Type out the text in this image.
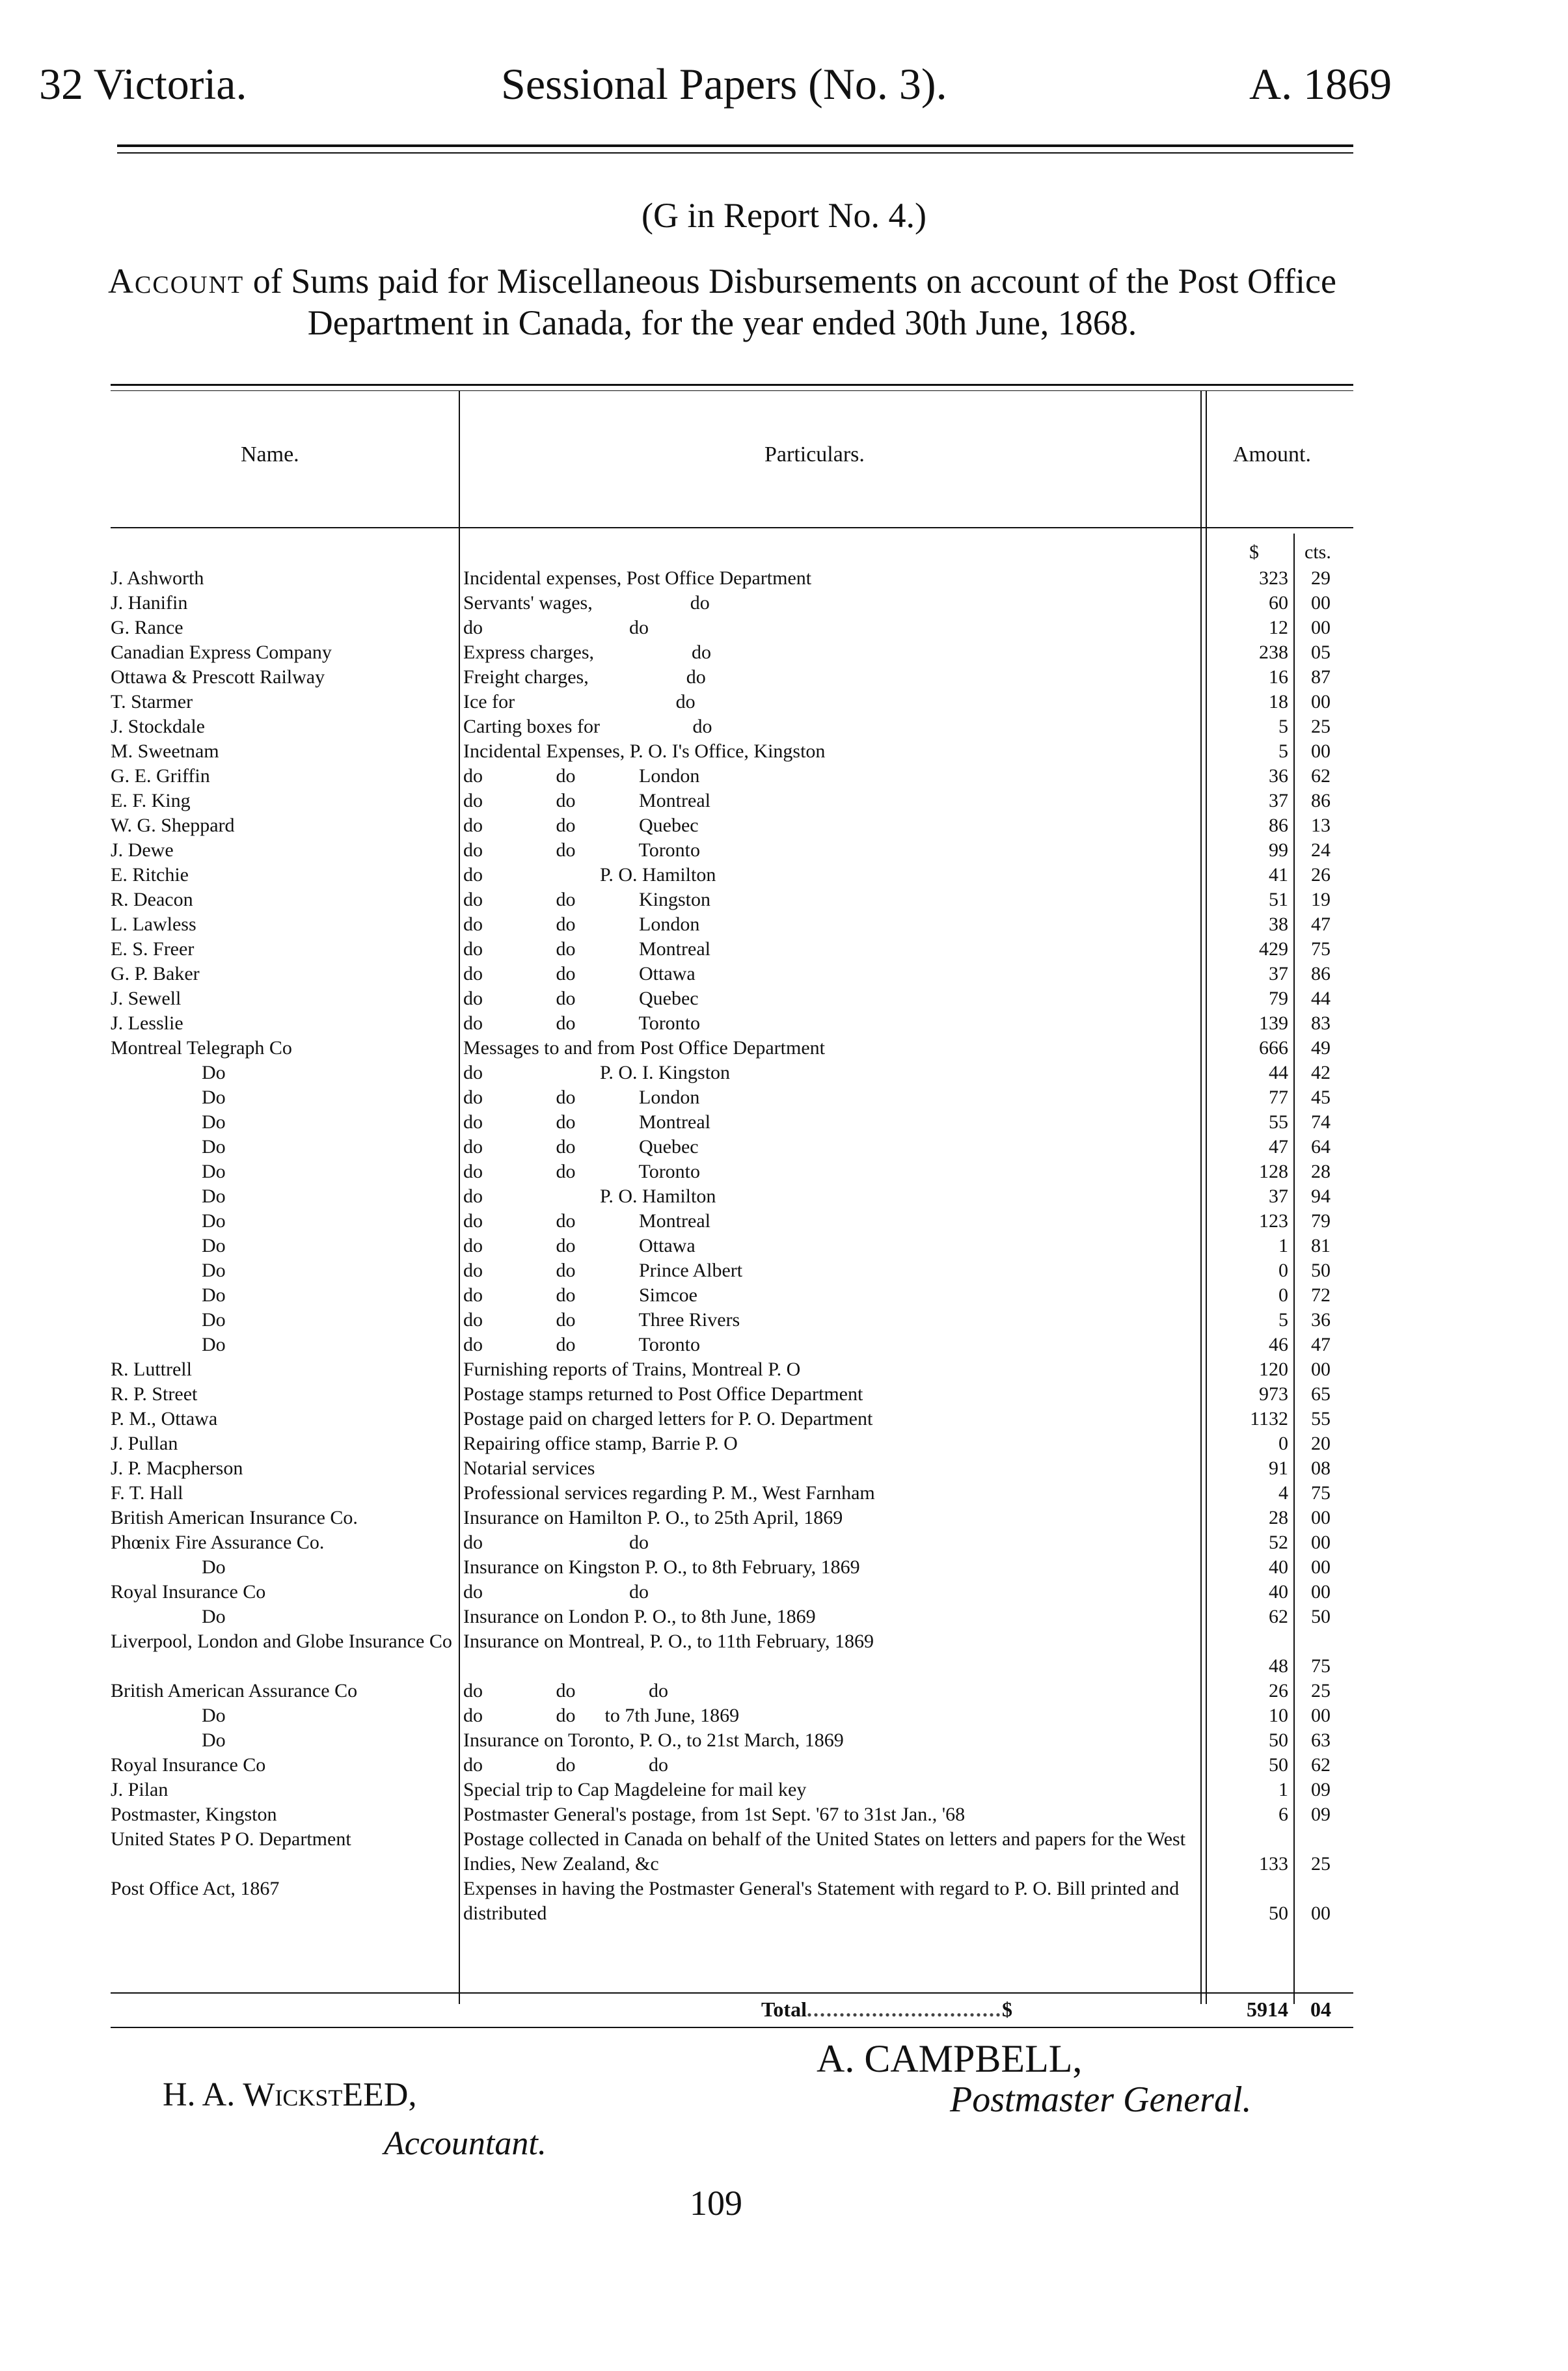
32 Victoria.	Sessional Papers (No. 3).	A. 1869
(G in Report No. 4.)
Account of Sums paid for Miscellaneous Disbursements on account of the Post Office Department in Canada, for the year ended 30th June, 1868.
Name.	Particulars.	Amount.
$ cts.
J. Ashworth	Incidental expenses, Post Office Department	323	29
J. Hanifin	Servants' wages,                    do	60	00
G. Rance	do                              do	12	00
Canadian Express Company	Express charges,                    do	238	05
Ottawa & Prescott Railway	Freight charges,                    do	16	87
T. Starmer	Ice for                                 do	18	00
J. Stockdale	Carting boxes for                   do	5	25
M. Sweetnam	Incidental Expenses, P. O. I's Office, Kingston	5	00
G. E. Griffin	do               do             London	36	62
E. F. King	do               do             Montreal	37	86
W. G. Sheppard	do               do             Quebec	86	13
J. Dewe	do               do             Toronto	99	24
E. Ritchie	do                        P. O. Hamilton	41	26
R. Deacon	do               do             Kingston	51	19
L. Lawless	do               do             London	38	47
E. S. Freer	do               do             Montreal	429	75
G. P. Baker	do               do             Ottawa	37	86
J. Sewell	do               do             Quebec	79	44
J. Lesslie	do               do             Toronto	139	83
Montreal Telegraph Co	Messages to and from Post Office Department	666	49
Do	do                        P. O. I. Kingston	44	42
Do	do               do             London	77	45
Do	do               do             Montreal	55	74
Do	do               do             Quebec	47	64
Do	do               do             Toronto	128	28
Do	do                        P. O. Hamilton	37	94
Do	do               do             Montreal	123	79
Do	do               do             Ottawa	1	81
Do	do               do             Prince Albert	0	50
Do	do               do             Simcoe	0	72
Do	do               do             Three Rivers	5	36
Do	do               do             Toronto	46	47
R. Luttrell	Furnishing reports of Trains, Montreal P. O	120	00
R. P. Street	Postage stamps returned to Post Office Department	973	65
P. M., Ottawa	Postage paid on charged letters for P. O. Department	1132	55
J. Pullan	Repairing office stamp, Barrie P. O	0	20
J. P. Macpherson	Notarial services	91	08
F. T. Hall	Professional services regarding P. M., West Farnham	4	75
British American Insurance Co.	Insurance on Hamilton P. O., to 25th April, 1869	28	00
Phœnix Fire Assurance Co.	do                              do	52	00
Do	Insurance on Kingston P. O., to 8th February, 1869	40	00
Royal Insurance Co	do                              do	40	00
Do	Insurance on London P. O., to 8th June, 1869	62	50
Liverpool, London and Globe Insurance Co Insurance on Montreal, P. O., to 11th February, 1869
48	75
British American Assurance Co	do               do               do	26	25
Do	do               do      to 7th June, 1869	10	00
Do	Insurance on Toronto, P. O., to 21st March, 1869	50	63
Royal Insurance Co	do               do               do	50	62
J. Pilan	Special trip to Cap Magdeleine for mail key	1	09
Postmaster, Kingston	Postmaster General's postage, from 1st Sept. '67 to 31st Jan., '68	6	09
United States P O. Department	Postage collected in Canada on behalf of the United States on letters and papers for the West Indies, New Zealand, &c	133	25
Post Office Act, 1867	Expenses in having the Postmaster General's Statement with regard to P. O. Bill printed and distributed	50	00
Total..............................$	5914	04
A. CAMPBELL,
Postmaster General.
H. A. WickstEED,
Accountant.
109
